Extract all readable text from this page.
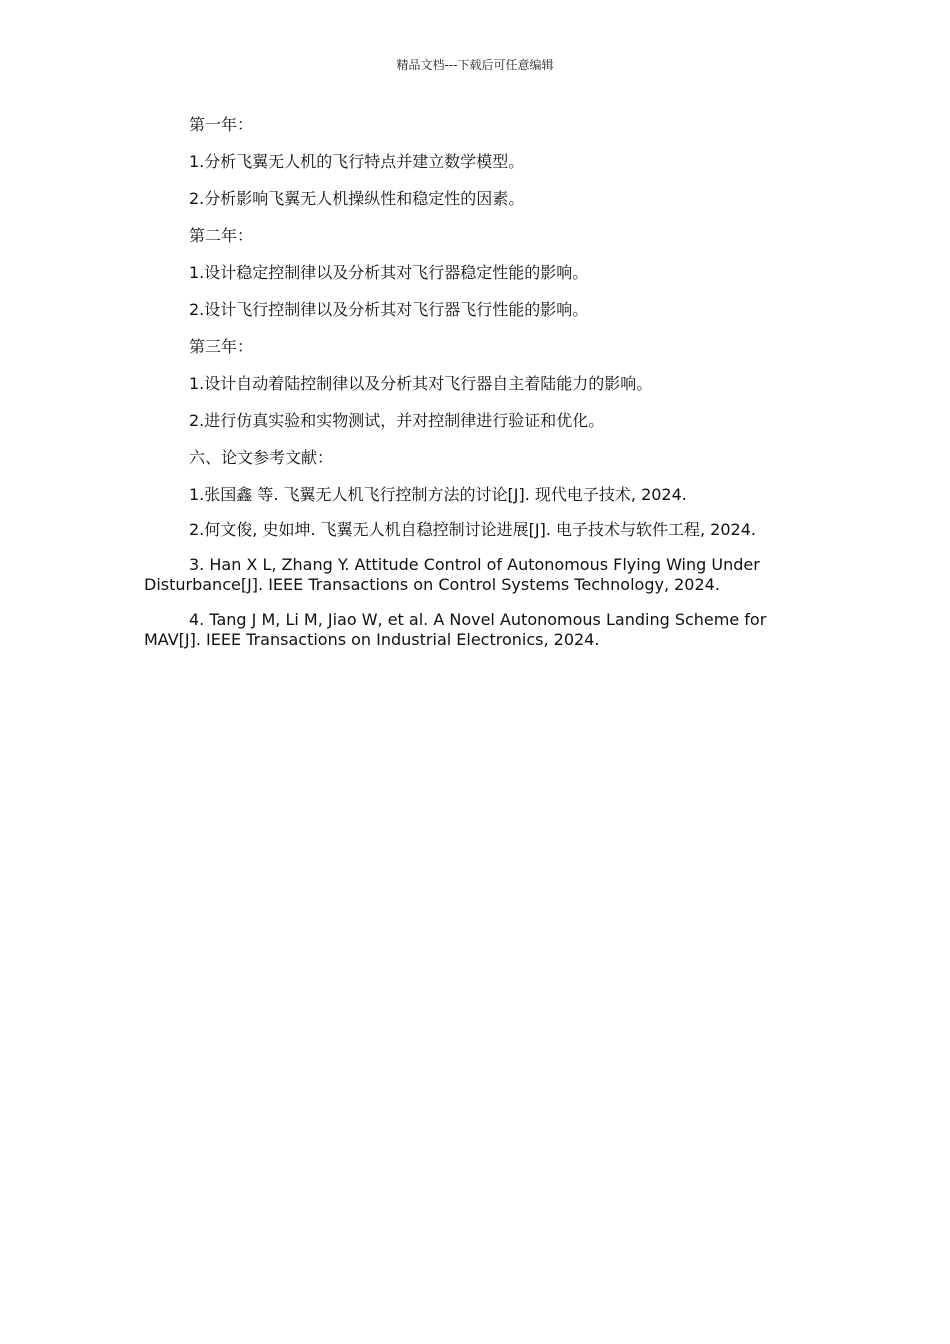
精品文档---下载后可任意编辑

第一年：

1.分析飞翼无人机的飞行特点并建立数学模型。

2.分析影响飞翼无人机操纵性和稳定性的因素。

第二年：

1.设计稳定控制律以及分析其对飞行器稳定性能的影响。

2.设计飞行控制律以及分析其对飞行器飞行性能的影响。

第三年：

1.设计自动着陆控制律以及分析其对飞行器自主着陆能力的影响。

2.进行仿真实验和实物测试，并对控制律进行验证和优化。

六、论文参考文献：

1.张国鑫 等. 飞翼无人机飞行控制方法的讨论[J]. 现代电子技术, 2024.

2.何文俊, 史如坤. 飞翼无人机自稳控制讨论进展[J]. 电子技术与软件工程, 2024.

3. Han X L, Zhang Y. Attitude Control of Autonomous Flying Wing Under Disturbance[J]. IEEE Transactions on Control Systems Technology, 2024.

4. Tang J M, Li M, Jiao W, et al. A Novel Autonomous Landing Scheme for MAV[J]. IEEE Transactions on Industrial Electronics, 2024.
